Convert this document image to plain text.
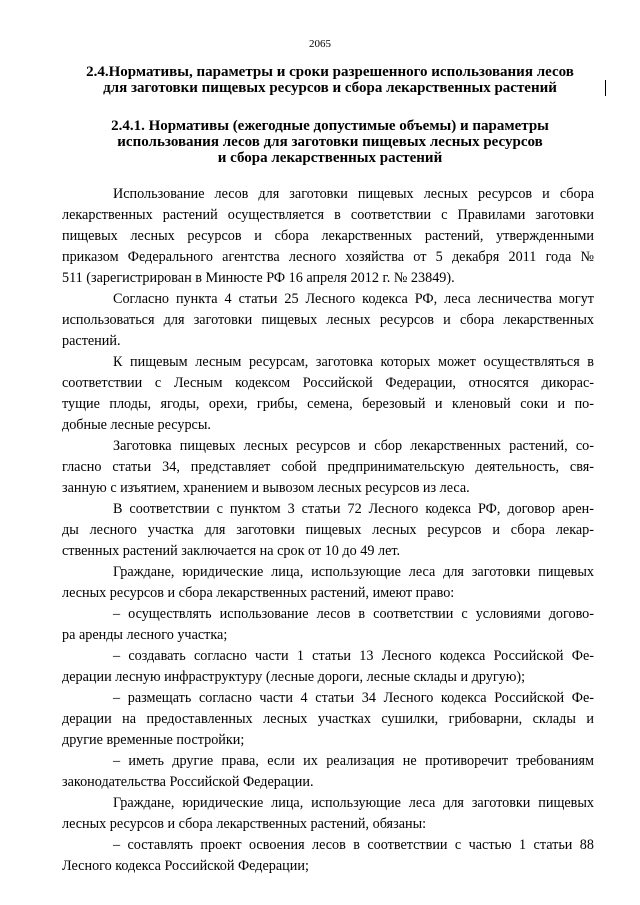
2065
2.4.Нормативы, параметры и сроки разрешенного использования лесов
для заготовки пищевых ресурсов и сбора лекарственных растений
2.4.1. Нормативы (ежегодные допустимые объемы) и параметры
использования лесов для заготовки пищевых лесных ресурсов
и сбора лекарственных растений
Использование лесов для заготовки пищевых лесных ресурсов и сбора
лекарственных растений осуществляется в соответствии с Правилами заготовки
пищевых лесных ресурсов и сбора лекарственных растений, утвержденными
приказом Федерального агентства лесного хозяйства от 5 декабря 2011 года №
511 (зарегистрирован в Минюсте РФ 16 апреля 2012 г. № 23849).
Согласно пункта 4 статьи 25 Лесного кодекса РФ, леса лесничества могут
использоваться для заготовки пищевых лесных ресурсов и сбора лекарственных
растений.
К пищевым лесным ресурсам, заготовка которых может осуществляться в
соответствии с Лесным кодексом Российской Федерации, относятся дикорас-
тущие плоды, ягоды, орехи, грибы, семена, березовый и кленовый соки и по-
добные лесные ресурсы.
Заготовка пищевых лесных ресурсов и сбор лекарственных растений, со-
гласно статьи 34, представляет собой предпринимательскую деятельность, свя-
занную с изъятием, хранением и вывозом лесных ресурсов из леса.
В соответствии с пунктом 3 статьи 72 Лесного кодекса РФ, договор арен-
ды лесного участка для заготовки пищевых лесных ресурсов и сбора лекар-
ственных растений заключается на срок от 10 до 49 лет.
Граждане, юридические лица, использующие леса для заготовки пищевых
лесных ресурсов и сбора лекарственных растений, имеют право:
– осуществлять использование лесов в соответствии с условиями догово-
ра аренды лесного участка;
– создавать согласно части 1 статьи 13 Лесного кодекса Российской Фе-
дерации лесную инфраструктуру (лесные дороги, лесные склады и другую);
– размещать согласно части 4 статьи 34 Лесного кодекса Российской Фе-
дерации на предоставленных лесных участках сушилки, грибоварни, склады и
другие временные постройки;
– иметь другие права, если их реализация не противоречит требованиям
законодательства Российской Федерации.
Граждане, юридические лица, использующие леса для заготовки пищевых
лесных ресурсов и сбора лекарственных растений, обязаны:
– составлять проект освоения лесов в соответствии с частью 1 статьи 88
Лесного кодекса Российской Федерации;
